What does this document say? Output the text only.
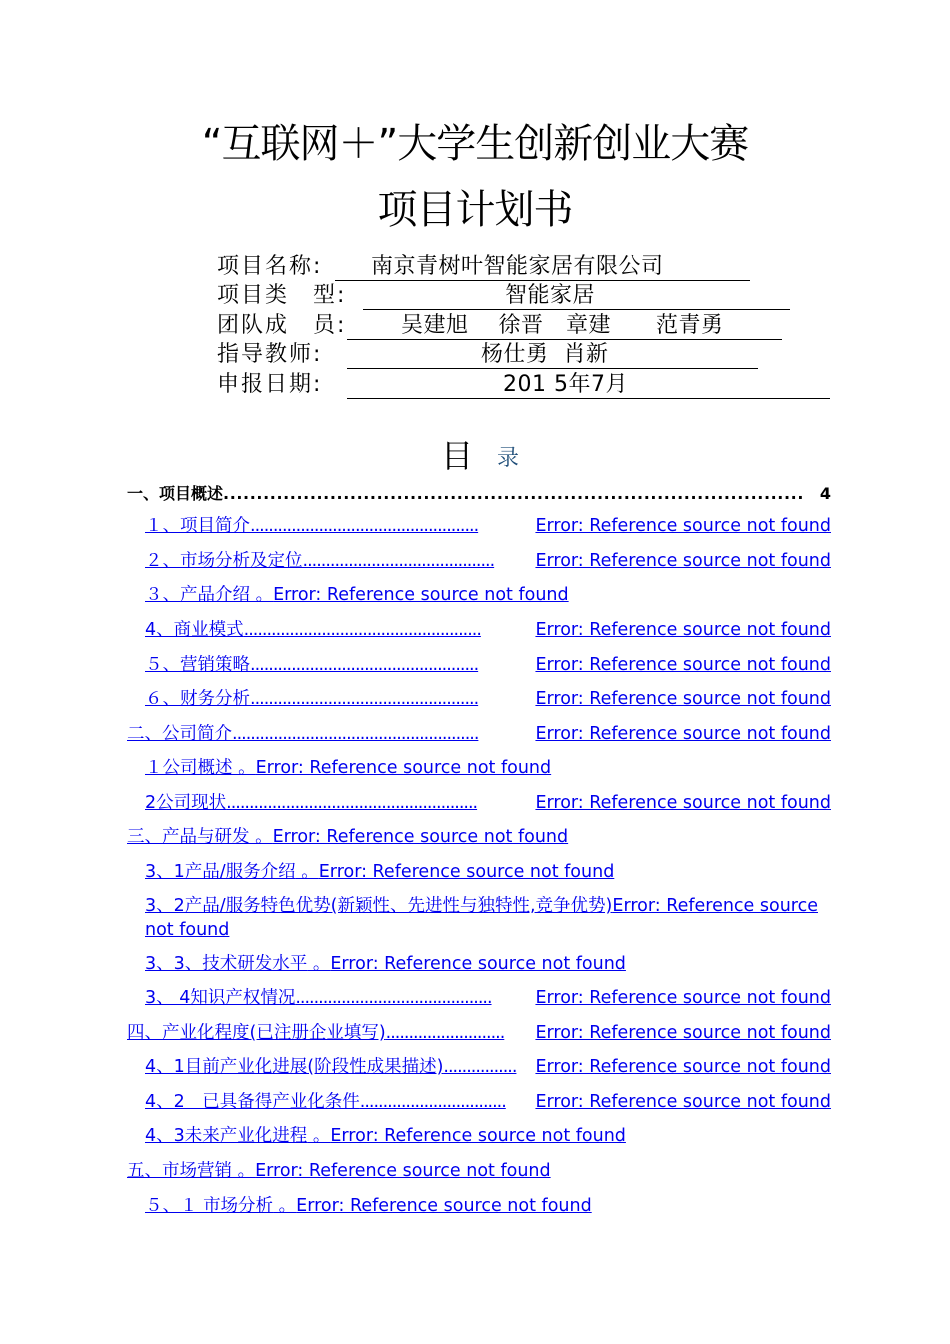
“互联网＋”大学生创新创业大赛
项目计划书
项目名称:	南京青树叶智能家居有限公司
项目类　型:	智能家居
团队成　员:	吴建旭　 徐晋　章建　　范青勇
指导教师:	杨仕勇  肖新
申报日期:	201 5年7月
目 录
一、项目概述....................................................................................... 4
１、项目简介..................................................	Error: Reference source not found
２、市场分析及定位.......................................... Error: Reference source not found
３、产品介绍 。Error: Reference source not found
4、商业模式....................................................	Error: Reference source not found
５、营销策略..................................................	Error: Reference source not found
６、财务分析..................................................	Error: Reference source not found
二、公司简介......................................................	Error: Reference source not found
１公司概述 。Error: Reference source not found
2公司现状.......................................................	Error: Reference source not found
三、产品与研发 。Error: Reference source not found
3、1产品/服务介绍 。Error: Reference source not found
3、2产品/服务特色优势(新颖性、先进性与独特性,竞争优势)Error: Reference source
not found
3、3、技术研发水平 。Error: Reference source not found
3、 4知识产权情况...........................................	Error: Reference source not found
四、产业化程度(已注册企业填写).......................... Error: Reference source not found
4、1目前产业化进展(阶段性成果描述)................ Error: Reference source not found
4、2　已具备得产业化条件................................ Error: Reference source not found
4、3未来产业化进程 。Error: Reference source not found
五、市场营销 。Error: Reference source not found
５、１ 市场分析 。Error: Reference source not found
